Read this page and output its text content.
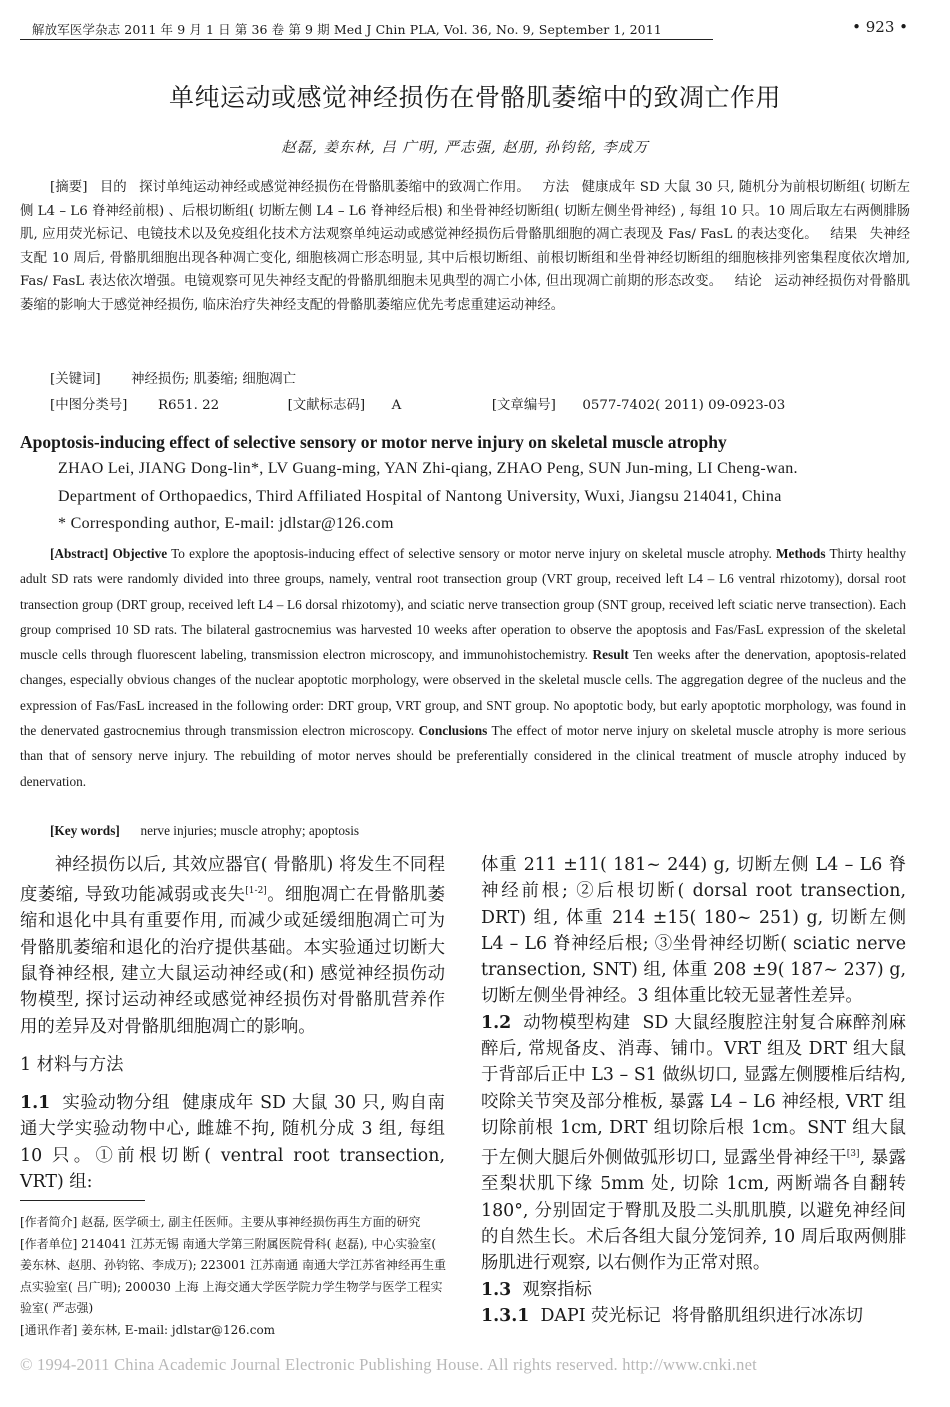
解放军医学杂志 2011 年 9 月 1 日 第 36 卷 第 9 期 Med J Chin PLA, Vol. 36, No. 9, September 1, 2011	• 923 •
单纯运动或感觉神经损伤在骨骼肌萎缩中的致凋亡作用
赵磊, 姜东林, 吕 广明, 严志强, 赵朋, 孙钧铭, 李成万
[摘要] 目的 探讨单纯运动神经或感觉神经损伤在骨骼肌萎缩中的致凋亡作用。 方法 健康成年 SD 大鼠 30 只, 随机分为前根切断组( 切断左侧 L4 – L6 脊神经前根) 、后根切断组( 切断左侧 L4 – L6 脊神经后根) 和坐骨神经切断组( 切断左侧坐骨神经) , 每组 10 只。10 周后取左右两侧腓肠肌, 应用荧光标记、电镜技术以及免疫组化技术方法观察单纯运动或感觉神经损伤后骨骼肌细胞的凋亡表现及 Fas/ FasL 的表达变化。 结果 失神经支配 10 周后, 骨骼肌细胞出现各种凋亡变化, 细胞核凋亡形态明显, 其中后根切断组、前根切断组和坐骨神经切断组的细胞核排列密集程度依次增加, Fas/ FasL 表达依次增强。电镜观察可见失神经支配的骨骼肌细胞未见典型的凋亡小体, 但出现凋亡前期的形态改变。 结论 运动神经损伤对骨骼肌萎缩的影响大于感觉神经损伤, 临床治疗失神经支配的骨骼肌萎缩应优先考虑重建运动神经。
[关键词] 神经损伤; 肌萎缩; 细胞凋亡
[中图分类号] R651. 22	[文献标志码] A	[文章编号] 0577-7402( 2011) 09-0923-03
Apoptosis-inducing effect of selective sensory or motor nerve injury on skeletal muscle atrophy
ZHAO Lei, JIANG Dong-lin*, LV Guang-ming, YAN Zhi-qiang, ZHAO Peng, SUN Jun-ming, LI Cheng-wan.
Department of Orthopaedics, Third Affiliated Hospital of Nantong University, Wuxi, Jiangsu 214041, China
* Corresponding author, E-mail: jdlstar@126.com
[Abstract] Objective To explore the apoptosis-inducing effect of selective sensory or motor nerve injury on skeletal muscle atrophy. Methods Thirty healthy adult SD rats were randomly divided into three groups, namely, ventral root transection group (VRT group, received left L4 – L6 ventral rhizotomy), dorsal root transection group (DRT group, received left L4 – L6 dorsal rhizotomy), and sciatic nerve transection group (SNT group, received left sciatic nerve transection). Each group comprised 10 SD rats. The bilateral gastrocnemius was harvested 10 weeks after operation to observe the apoptosis and Fas/FasL expression of the skeletal muscle cells through fluorescent labeling, transmission electron microscopy, and immunohistochemistry. Result Ten weeks after the denervation, apoptosis-related changes, especially obvious changes of the nuclear apoptotic morphology, were observed in the skeletal muscle cells. The aggregation degree of the nucleus and the expression of Fas/FasL increased in the following order: DRT group, VRT group, and SNT group. No apoptotic body, but early apoptotic morphology, was found in the denervated gastrocnemius through transmission electron microscopy. Conclusions The effect of motor nerve injury on skeletal muscle atrophy is more serious than that of sensory nerve injury. The rebuilding of motor nerves should be preferentially considered in the clinical treatment of muscle atrophy induced by denervation.
[Key words] nerve injuries; muscle atrophy; apoptosis

神经损伤以后, 其效应器官( 骨骼肌) 将发生不同程度萎缩, 导致功能减弱或丧失[1-2]。细胞凋亡在骨骼肌萎缩和退化中具有重要作用, 而减少或延缓细胞凋亡可为骨骼肌萎缩和退化的治疗提供基础。本实验通过切断大鼠脊神经根, 建立大鼠运动神经或(和) 感觉神经损伤动物模型, 探讨运动神经或感觉神经损伤对骨骼肌营养作用的差异及对骨骼肌细胞凋亡的影响。

1 材料与方法

1.1 实验动物分组 健康成年 SD 大鼠 30 只, 购自南通大学实验动物中心, 雌雄不拘, 随机分成 3 组, 每组 10 只。①前根切断( ventral root transection, VRT) 组:

[作者简介] 赵磊, 医学硕士, 副主任医师。主要从事神经损伤再生方面的研究

[作者单位] 214041 江苏无锡 南通大学第三附属医院骨科( 赵磊), 中心实验室( 姜东林、赵朋、孙钧铭、李成万); 223001 江苏南通 南通大学江苏省神经再生重点实验室( 吕广明); 200030 上海 上海交通大学医学院力学生物学与医学工程实验室( 严志强)

[通讯作者] 姜东林, E-mail: jdlstar@126.com

体重 211 ±11( 181~ 244) g, 切断左侧 L4 – L6 脊神经前根; ②后根切断( dorsal root transection, DRT) 组, 体重 214 ±15( 180~ 251) g, 切断左侧 L4 – L6 脊神经后根; ③坐骨神经切断( sciatic nerve transection, SNT) 组, 体重 208 ±9( 187~ 237) g, 切断左侧坐骨神经。3 组体重比较无显著性差异。

1.2 动物模型构建 SD 大鼠经腹腔注射复合麻醉剂麻醉后, 常规备皮、消毒、铺巾。VRT 组及 DRT 组大鼠于背部后正中 L3 – S1 做纵切口, 显露左侧腰椎后结构, 咬除关节突及部分椎板, 暴露 L4 – L6 神经根, VRT 组切除前根 1cm, DRT 组切除后根 1cm。SNT 组大鼠于左侧大腿后外侧做弧形切口, 显露坐骨神经干[3], 暴露至梨状肌下缘 5mm 处, 切除 1cm, 两断端各自翻转 180°, 分别固定于臀肌及股二头肌肌膜, 以避免神经间的自然生长。术后各组大鼠分笼饲养, 10 周后取两侧腓肠肌进行观察, 以右侧作为正常对照。

1.3 观察指标

1.3.1 DAPI 荧光标记 将骨骼肌组织进行冰冻切

© 1994-2011 China Academic Journal Electronic Publishing House. All rights reserved. http://www.cnki.net
